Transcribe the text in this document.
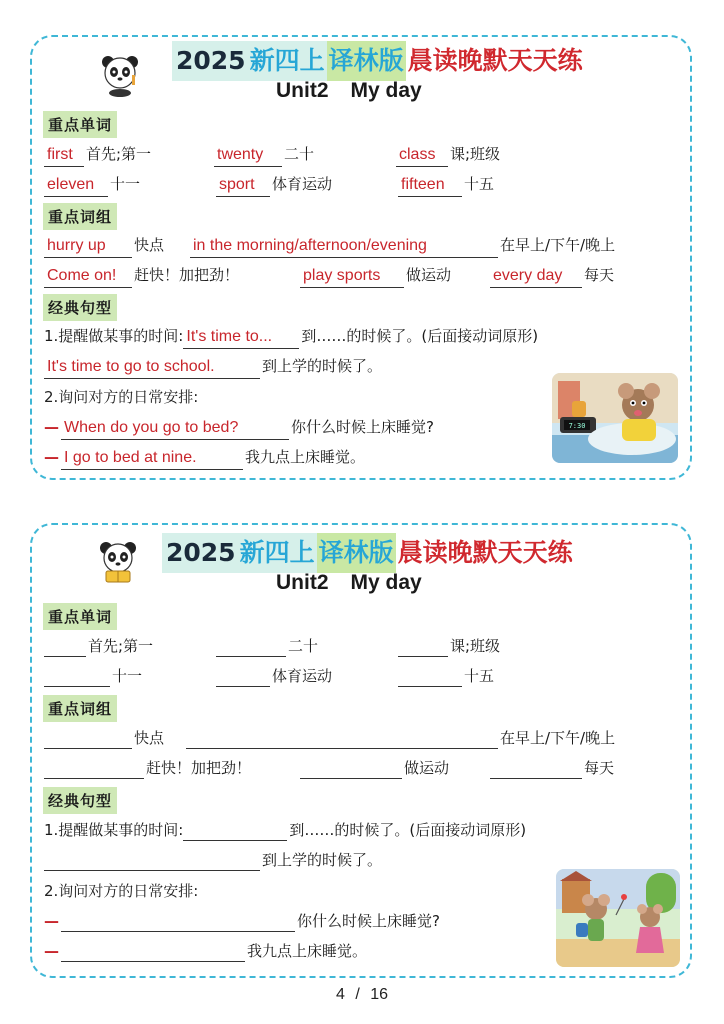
2025 新四上 译林版 晨读晚默天天练
Unit2 My day
重点单词
first 首先;第一	twenty 二十	class 课;班级
eleven 十一	sport 体育运动	fifteen 十五
重点词组
hurry up 快点 in the morning/afternoon/evening	在早上/下午/晚上
Come on! 赶快！加把劲！	play sports 做运动	every day 每天
经典句型
1.提醒做某事的时间: It's time to... 到……的时候了。(后面接动词原形)
It's time to go to school.	到上学的时候了。
2.询问对方的日常安排:
— When do you go to bed?	你什么时候上床睡觉?
— I go to bed at nine.	我九点上床睡觉。
7:30
2025 新四上 译林版 晨读晚默天天练
Unit2 My day
重点单词
首先;第一	二十	课;班级
十一	体育运动	十五
重点词组
快点	在早上/下午/晚上
赶快！加把劲！	做运动	每天
经典句型
1.提醒做某事的时间:	到……的时候了。(后面接动词原形)
到上学的时候了。
2.询问对方的日常安排:
—	你什么时候上床睡觉?
—	我九点上床睡觉。
4 / 16
